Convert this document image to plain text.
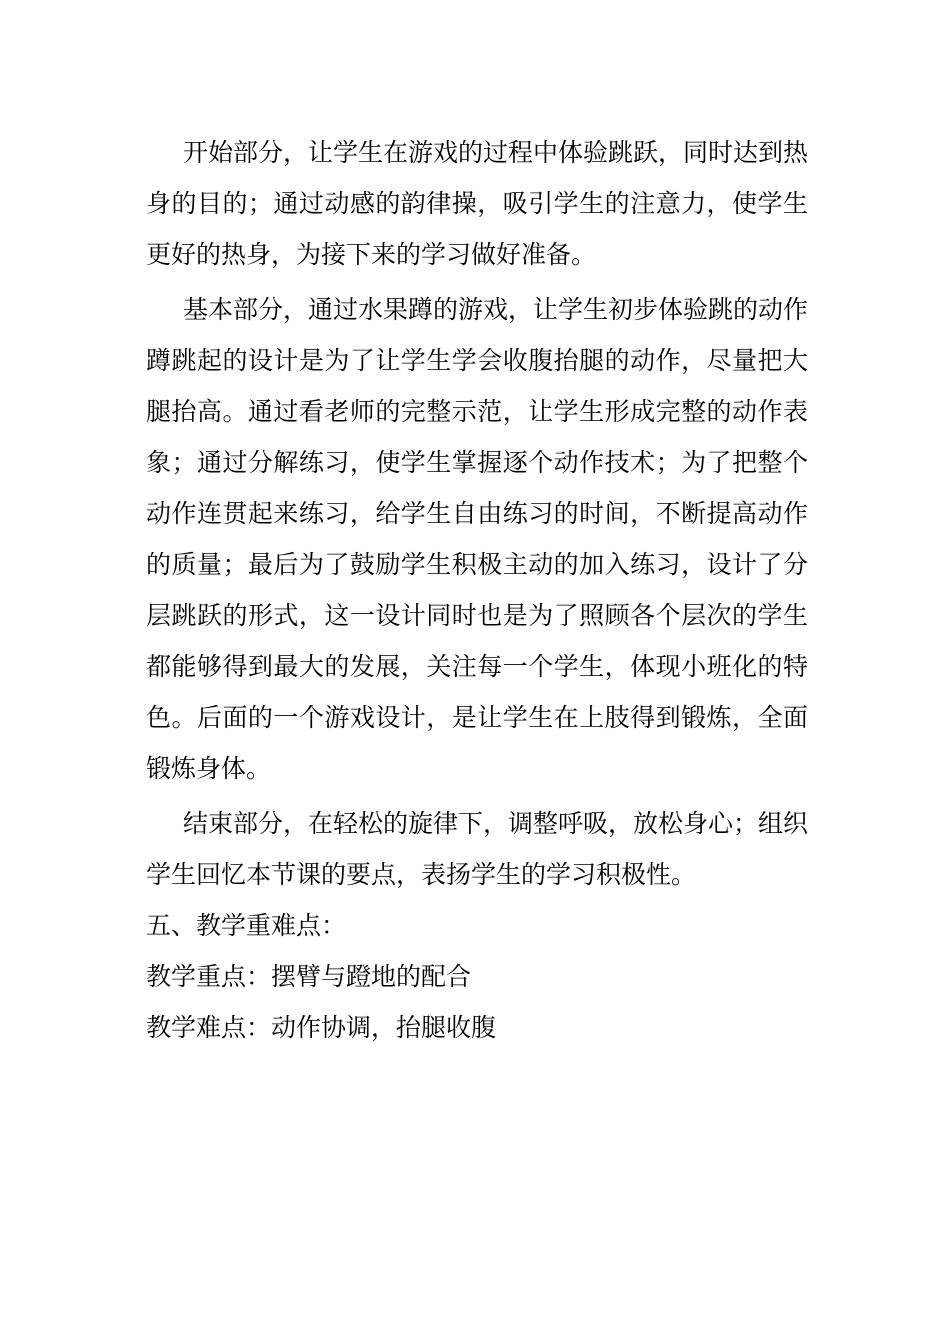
开始部分，让学生在游戏的过程中体验跳跃，同时达到热身的目的；通过动感的韵律操，吸引学生的注意力，使学生更好的热身，为接下来的学习做好准备。

基本部分，通过水果蹲的游戏，让学生初步体验跳的动作蹲跳起的设计是为了让学生学会收腹抬腿的动作，尽量把大腿抬高。通过看老师的完整示范，让学生形成完整的动作表象；通过分解练习，使学生掌握逐个动作技术；为了把整个动作连贯起来练习，给学生自由练习的时间，不断提高动作的质量；最后为了鼓励学生积极主动的加入练习，设计了分层跳跃的形式，这一设计同时也是为了照顾各个层次的学生都能够得到最大的发展，关注每一个学生，体现小班化的特色。后面的一个游戏设计，是让学生在上肢得到锻炼，全面锻炼身体。

结束部分，在轻松的旋律下，调整呼吸，放松身心；组织学生回忆本节课的要点，表扬学生的学习积极性。

五、教学重难点：

教学重点：摆臂与蹬地的配合

教学难点：动作协调，抬腿收腹
